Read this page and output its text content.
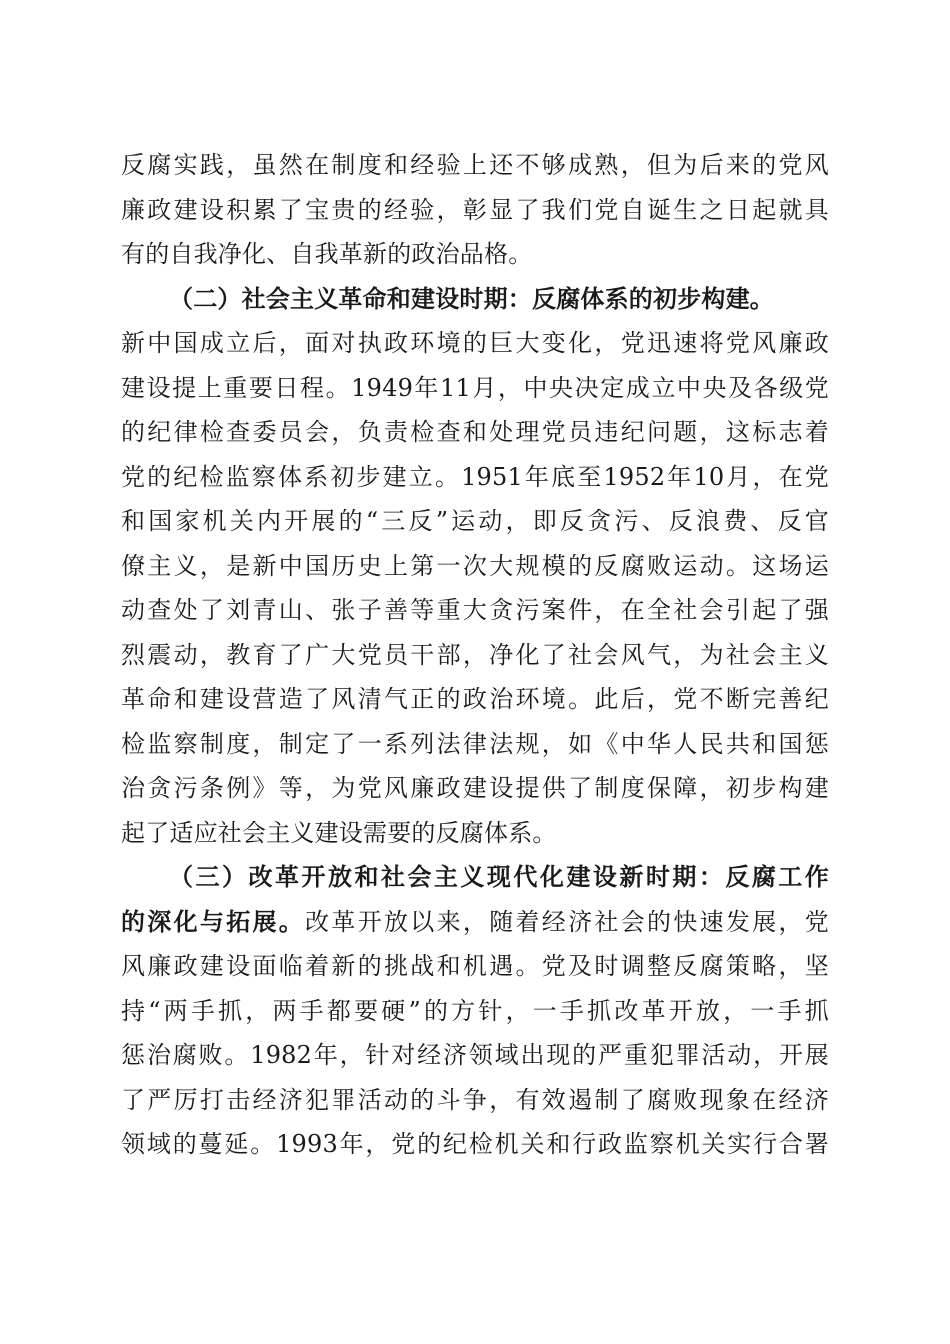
反腐实践，虽然在制度和经验上还不够成熟，但为后来的党风
廉政建设积累了宝贵的经验，彰显了我们党自诞生之日起就具
有的自我净化、自我革新的政治品格。
（二）社会主义革命和建设时期：反腐体系的初步构建。
新中国成立后，面对执政环境的巨大变化，党迅速将党风廉政
建设提上重要日程。1949年11月，中央决定成立中央及各级党
的纪律检查委员会，负责检查和处理党员违纪问题，这标志着
党的纪检监察体系初步建立。1951年底至1952年10月，在党
和国家机关内开展的“三反”运动，即反贪污、反浪费、反官
僚主义，是新中国历史上第一次大规模的反腐败运动。这场运
动查处了刘青山、张子善等重大贪污案件，在全社会引起了强
烈震动，教育了广大党员干部，净化了社会风气，为社会主义
革命和建设营造了风清气正的政治环境。此后，党不断完善纪
检监察制度，制定了一系列法律法规，如《中华人民共和国惩
治贪污条例》等，为党风廉政建设提供了制度保障，初步构建
起了适应社会主义建设需要的反腐体系。
（三）改革开放和社会主义现代化建设新时期：反腐工作
的深化与拓展。改革开放以来，随着经济社会的快速发展，党
风廉政建设面临着新的挑战和机遇。党及时调整反腐策略，坚
持“两手抓，两手都要硬”的方针，一手抓改革开放，一手抓
惩治腐败。1982年，针对经济领域出现的严重犯罪活动，开展
了严厉打击经济犯罪活动的斗争，有效遏制了腐败现象在经济
领域的蔓延。1993年，党的纪检机关和行政监察机关实行合署
